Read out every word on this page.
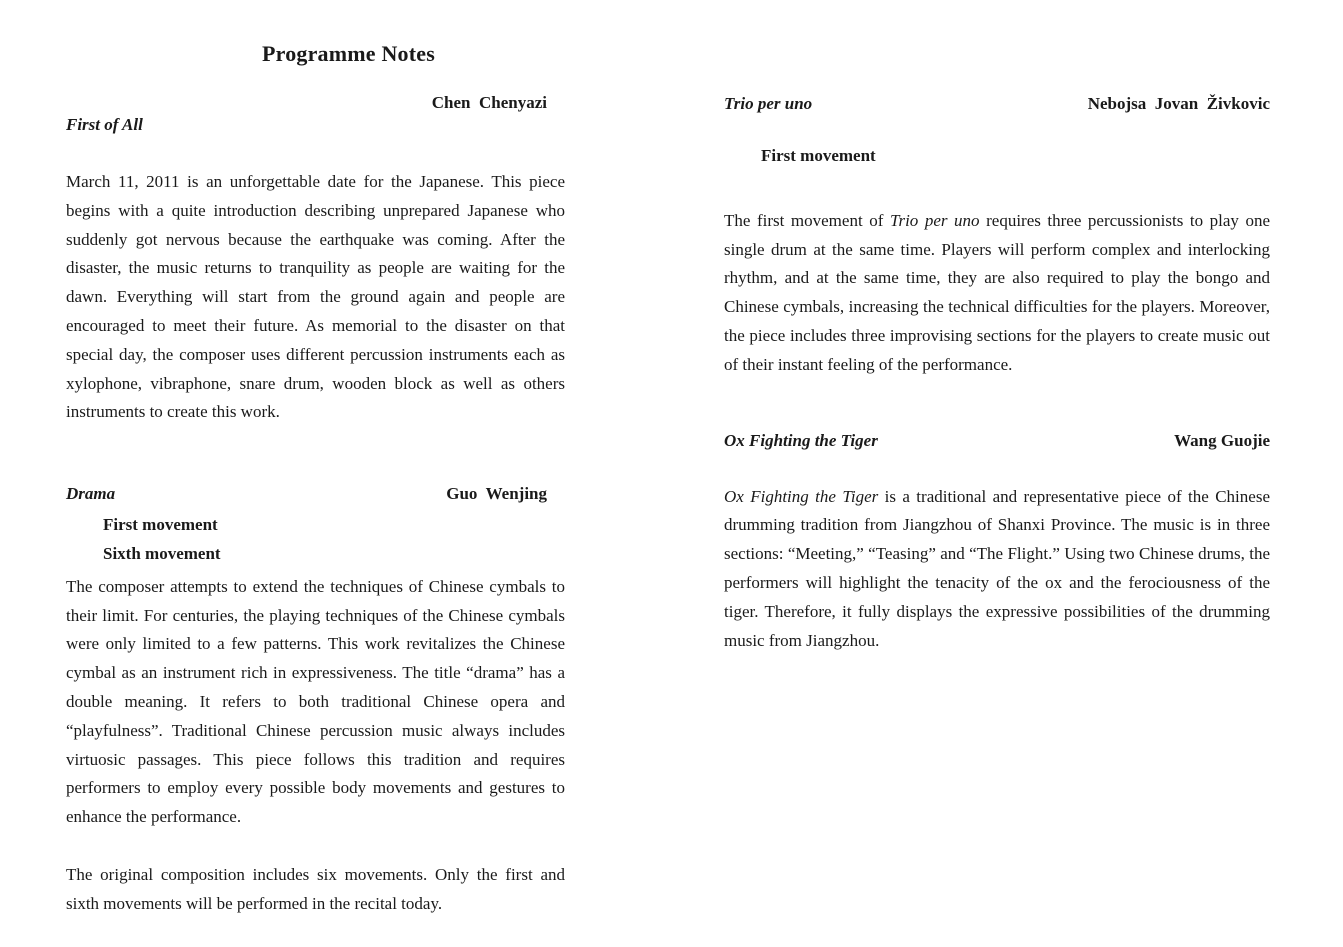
Programme Notes
Chen  Chenyazi
First of All

March 11, 2011 is an unforgettable date for the Japanese. This piece begins with a quite introduction describing unprepared Japanese who suddenly got nervous because the earthquake was coming. After the disaster, the music returns to tranquility as people are waiting for the dawn. Everything will start from the ground again and people are encouraged to meet their future. As memorial to the disaster on that special day, the composer uses different percussion instruments each as xylophone, vibraphone, snare drum, wooden block as well as others instruments to create this work.

Drama	Guo  Wenjing
First movement
Sixth movement

The composer attempts to extend the techniques of Chinese cymbals to their limit. For centuries, the playing techniques of the Chinese cymbals were only limited to a few patterns. This work revitalizes the Chinese cymbal as an instrument rich in expressiveness. The title “drama” has a double meaning. It refers to both traditional Chinese opera and “playfulness”. Traditional Chinese percussion music always includes virtuosic passages. This piece follows this tradition and requires performers to employ every possible body movements and gestures to enhance the performance.

The original composition includes six movements. Only the first and sixth movements will be performed in the recital today.

Trio per uno	Nebojsa  Jovan  Živkovic
First movement

The first movement of Trio per uno requires three percussionists to play one single drum at the same time. Players will perform complex and interlocking rhythm, and at the same time, they are also required to play the bongo and Chinese cymbals, increasing the technical difficulties for the players. Moreover, the piece includes three improvising sections for the players to create music out of their instant feeling of the performance.

Ox Fighting the Tiger	Wang Guojie

Ox Fighting the Tiger is a traditional and representative piece of the Chinese drumming tradition from Jiangzhou of Shanxi Province. The music is in three sections: “Meeting,” “Teasing” and “The Flight.” Using two Chinese drums, the performers will highlight the tenacity of the ox and the ferociousness of the tiger. Therefore, it fully displays the expressive possibilities of the drumming music from Jiangzhou.
